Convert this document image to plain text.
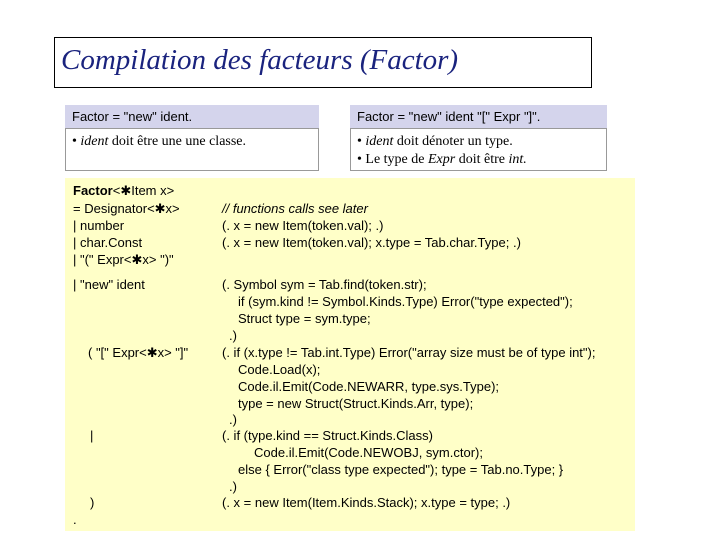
Compilation des facteurs (Factor)
Factor = "new" ident.	Factor = "new" ident "[" Expr "]".
• ident doit être une une classe.	• ident doit dénoter un type.
• Le type de Expr doit être int.
Factor<✱Item x>
= Designator<✱x>
| number
| char.Const
| "(" Expr<✱x> ")"
| "new" ident
( "[" Expr<✱x> "]"
|
)
.
// functions calls see later
(. x = new Item(token.val); .)
(. x = new Item(token.val); x.type = Tab.char.Type; .)
(. Symbol sym = Tab.find(token.str);
if (sym.kind != Symbol.Kinds.Type) Error("type expected");
Struct type = sym.type;
.)
(. if (x.type != Tab.int.Type) Error("array size must be of type int");
Code.Load(x);
Code.il.Emit(Code.NEWARR, type.sys.Type);
type = new Struct(Struct.Kinds.Arr, type);
.)
(. if (type.kind == Struct.Kinds.Class)
Code.il.Emit(Code.NEWOBJ, sym.ctor);
else { Error("class type expected"); type = Tab.no.Type; }
.)
(. x = new Item(Item.Kinds.Stack); x.type = type; .)
